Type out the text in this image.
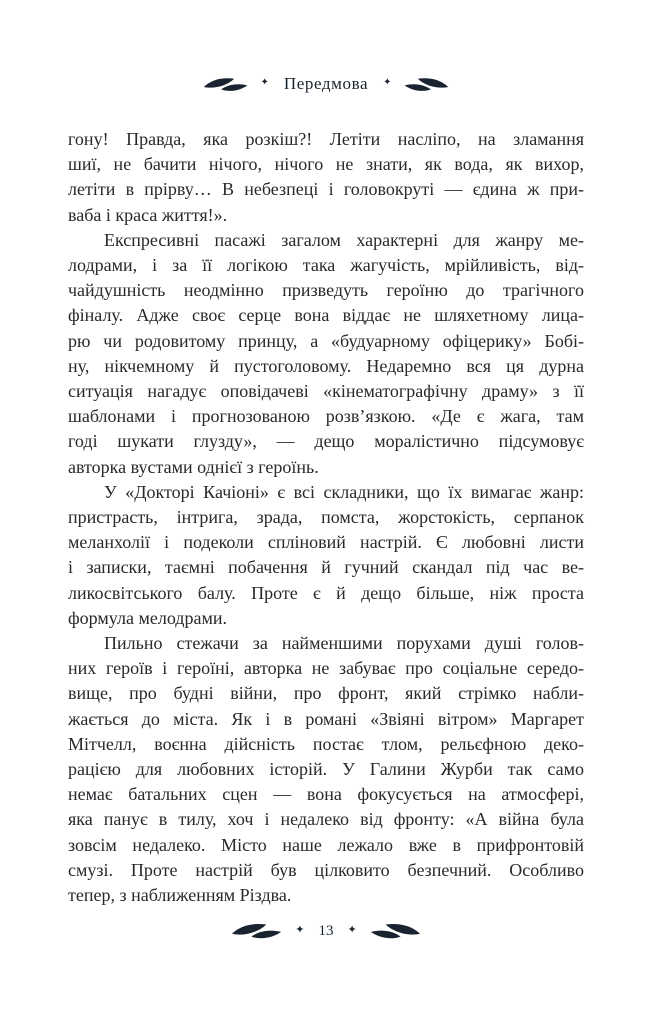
✦ Передмова	✦

гону! Правда, яка розкіш?! Летіти насліпо, на зламання
шиї, не бачити нічого, нічого не знати, як вода, як вихор,
летіти в прірву… В небезпеці і головокруті — єдина ж при-
ваба і краса життя!».

Експресивні пасажі загалом характерні для жанру ме-
лодрами, і за її логікою така жагучість, мрійливість, від-
чайдушність неодмінно призведуть героїню до трагічного
фіналу. Адже своє серце вона віддає не шляхетному лица-
рю чи родовитому принцу, а «будуарному офіцерику» Бобі-
ну, нікчемному й пустоголовому. Недаремно вся ця дурна
ситуація нагадує оповідачеві «кінематографічну драму» з її
шаблонами і прогнозованою розв’язкою. «Де є жага, там
годі шукати глузду», — дещо моралістично підсумовує
авторка вустами однієї з героїнь.

У «Докторі Качіоні» є всі складники, що їх вимагає жанр:
пристрасть, інтрига, зрада, помста, жорстокість, серпанок
меланхолії і подеколи спліновий настрій. Є любовні листи
і записки, таємні побачення й гучний скандал під час ве-
ликосвітського балу. Проте є й дещо більше, ніж проста
формула мелодрами.

Пильно стежачи за найменшими порухами душі голов-
них героїв і героїні, авторка не забуває про соціальне середо-
вище, про будні війни, про фронт, який стрімко набли-
жається до міста. Як і в романі «Звіяні вітром» Маргарет
Мітчелл, воєнна дійсність постає тлом, рельєфною деко-
рацією для любовних історій. У Галини Журби так само
немає батальних сцен — вона фокусується на атмосфері,
яка панує в тилу, хоч і недалеко від фронту: «А війна була
зовсім недалеко. Місто наше лежало вже в прифронтовій
смузі. Проте настрій був цілковито безпечний. Особливо
тепер, з наближенням Різдва.

✦ 13 ✦
